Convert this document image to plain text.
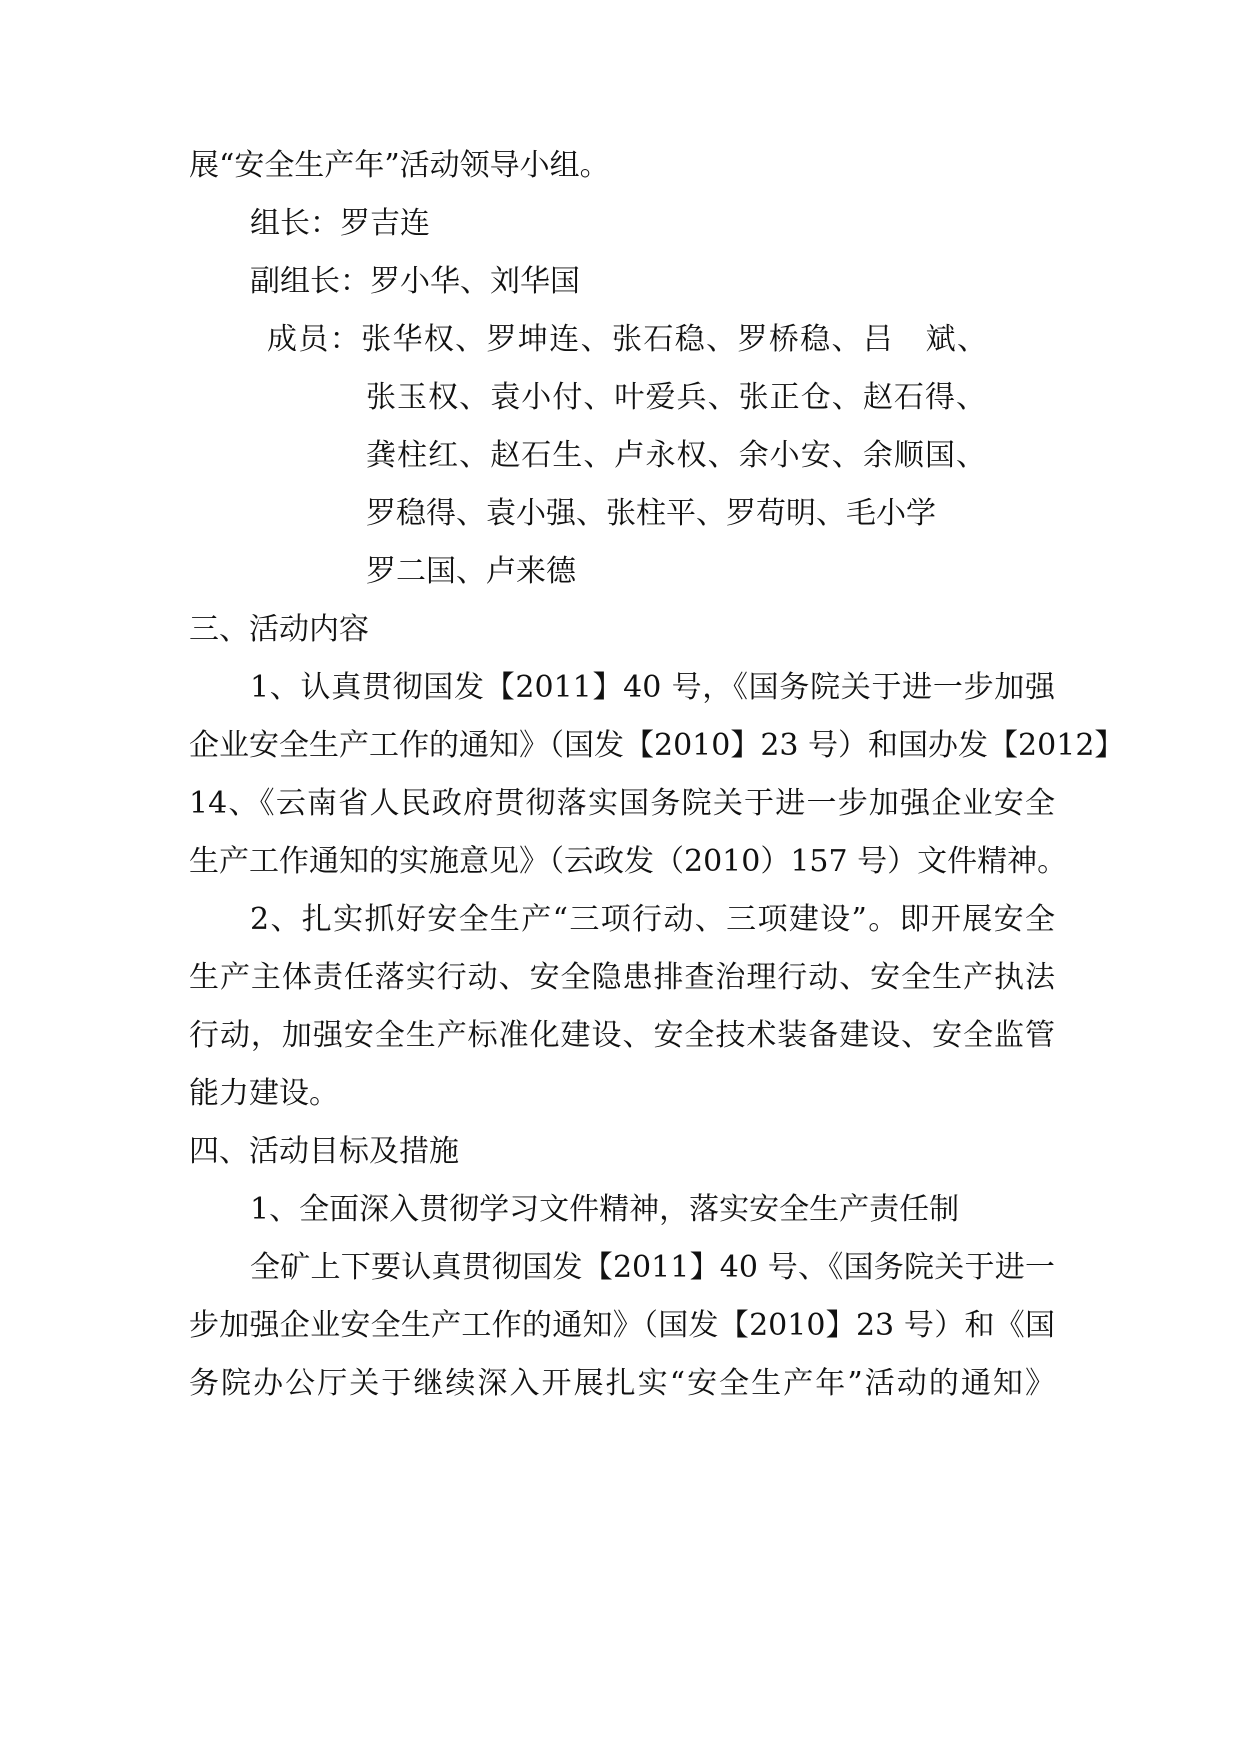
展“安全生产年”活动领导小组。
组长：罗吉连
副组长：罗小华、刘华国
成员：张华权、罗坤连、张石稳、罗桥稳、吕　斌、
张玉权、袁小付、叶爱兵、张正仓、赵石得、
龚柱红、赵石生、卢永权、余小安、余顺国、
罗稳得、袁小强、张柱平、罗苟明、毛小学
罗二国、卢来德
三、活动内容
1、认真贯彻国发【2011】40 号，《国务院关于进一步加强
企业安全生产工作的通知》（国发【2010】23 号）和国办发【2012】
14、《云南省人民政府贯彻落实国务院关于进一步加强企业安全
生产工作通知的实施意见》（云政发（2010）157 号）文件精神。
2、扎实抓好安全生产“三项行动、三项建设”。即开展安全
生产主体责任落实行动、安全隐患排查治理行动、安全生产执法
行动，加强安全生产标准化建设、安全技术装备建设、安全监管
能力建设。
四、活动目标及措施
1、全面深入贯彻学习文件精神，落实安全生产责任制
全矿上下要认真贯彻国发【2011】40 号、《国务院关于进一
步加强企业安全生产工作的通知》（国发【2010】23 号）和《国
务院办公厅关于继续深入开展扎实“安全生产年”活动的通知》
